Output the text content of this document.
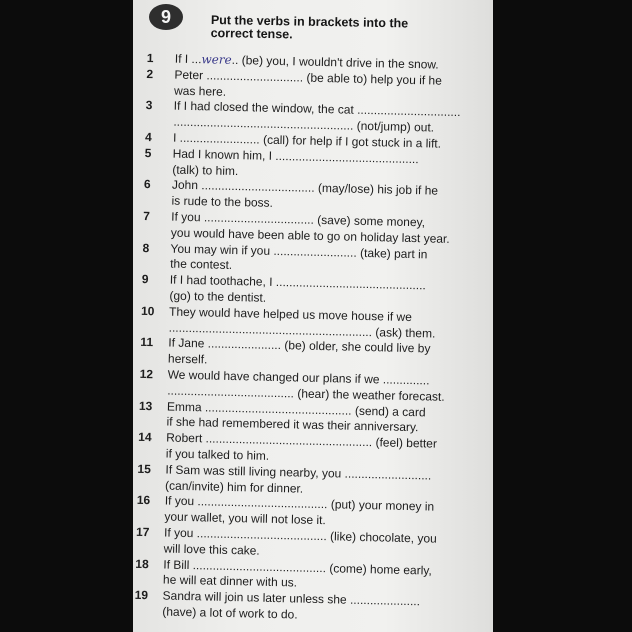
9	Put the verbs in brackets into the
correct tense.
1	If I ...were.. (be) you, I wouldn't drive in the snow.
2	Peter ............................. (be able to) help you if he
was here.
3	If I had closed the window, the cat ...............................
...................................................... (not/jump) out.
4	I ........................ (call) for help if I got stuck in a lift.
5	Had I known him, I ...........................................
(talk) to him.
6	John .................................. (may/lose) his job if he
is rude to the boss.
7	If you ................................. (save) some money,
you would have been able to go on holiday last year.
8	You may win if you ......................... (take) part in
the contest.
9	If I had toothache, I .............................................
(go) to the dentist.
10	They would have helped us move house if we
............................................................. (ask) them.
11	If Jane ...................... (be) older, she could live by
herself.
12	We would have changed our plans if we ..............
...................................... (hear) the weather forecast.
13	Emma ............................................ (send) a card
if she had remembered it was their anniversary.
14	Robert .................................................. (feel) better
if you talked to him.
15	If Sam was still living nearby, you ..........................
(can/invite) him for dinner.
16	If you ....................................... (put) your money in
your wallet, you will not lose it.
17	If you ....................................... (like) chocolate, you
will love this cake.
18	If Bill ........................................ (come) home early,
he will eat dinner with us.
19	Sandra will join us later unless she .....................
(have) a lot of work to do.
